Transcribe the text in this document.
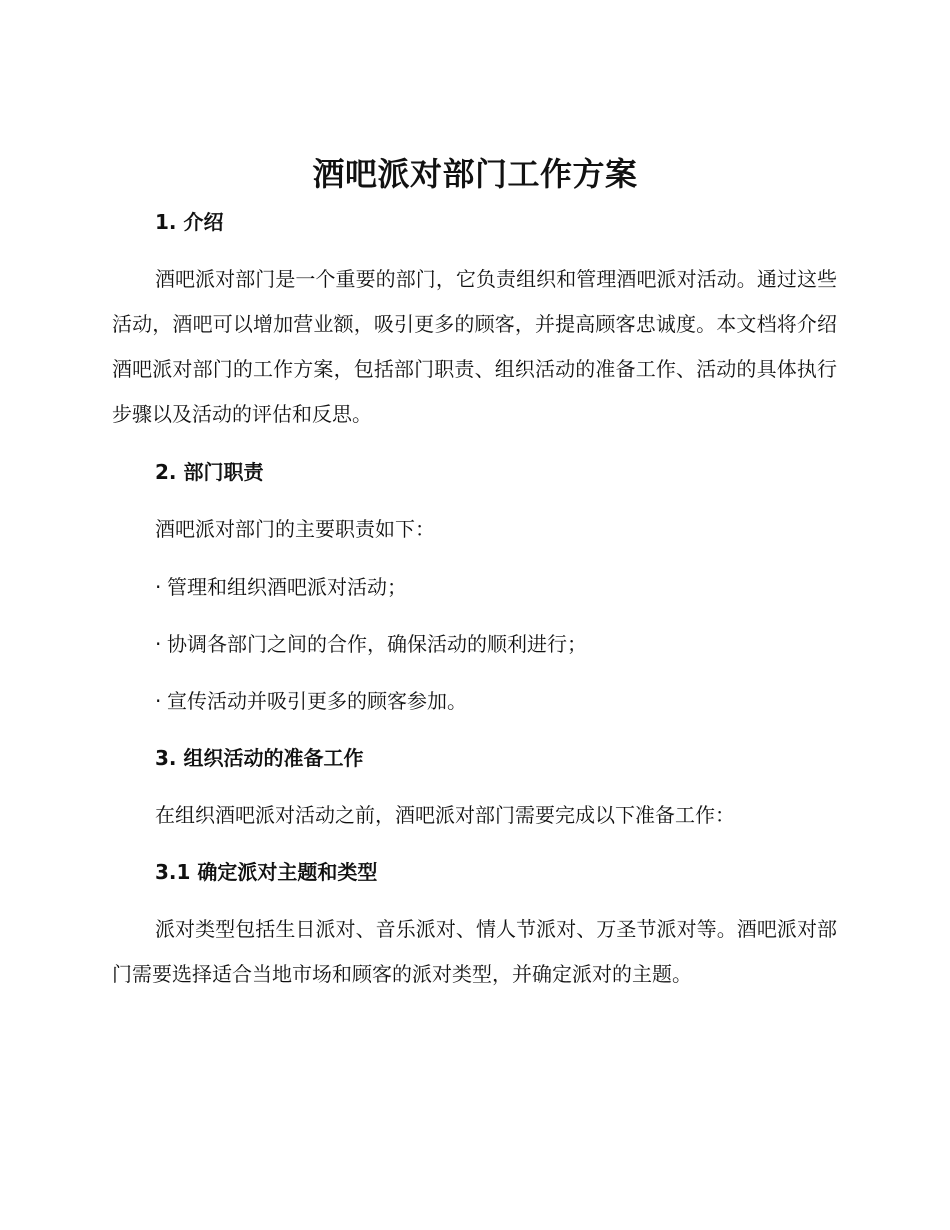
酒吧派对部门工作方案
1. 介绍

酒吧派对部门是一个重要的部门，它负责组织和管理酒吧派对活动。通过这些活动，酒吧可以增加营业额，吸引更多的顾客，并提高顾客忠诚度。本文档将介绍酒吧派对部门的工作方案，包括部门职责、组织活动的准备工作、活动的具体执行步骤以及活动的评估和反思。

2. 部门职责
酒吧派对部门的主要职责如下：
· 管理和组织酒吧派对活动；
· 协调各部门之间的合作，确保活动的顺利进行；
· 宣传活动并吸引更多的顾客参加。
3. 组织活动的准备工作
在组织酒吧派对活动之前，酒吧派对部门需要完成以下准备工作：
3.1 确定派对主题和类型

派对类型包括生日派对、音乐派对、情人节派对、万圣节派对等。酒吧派对部门需要选择适合当地市场和顾客的派对类型，并确定派对的主题。
